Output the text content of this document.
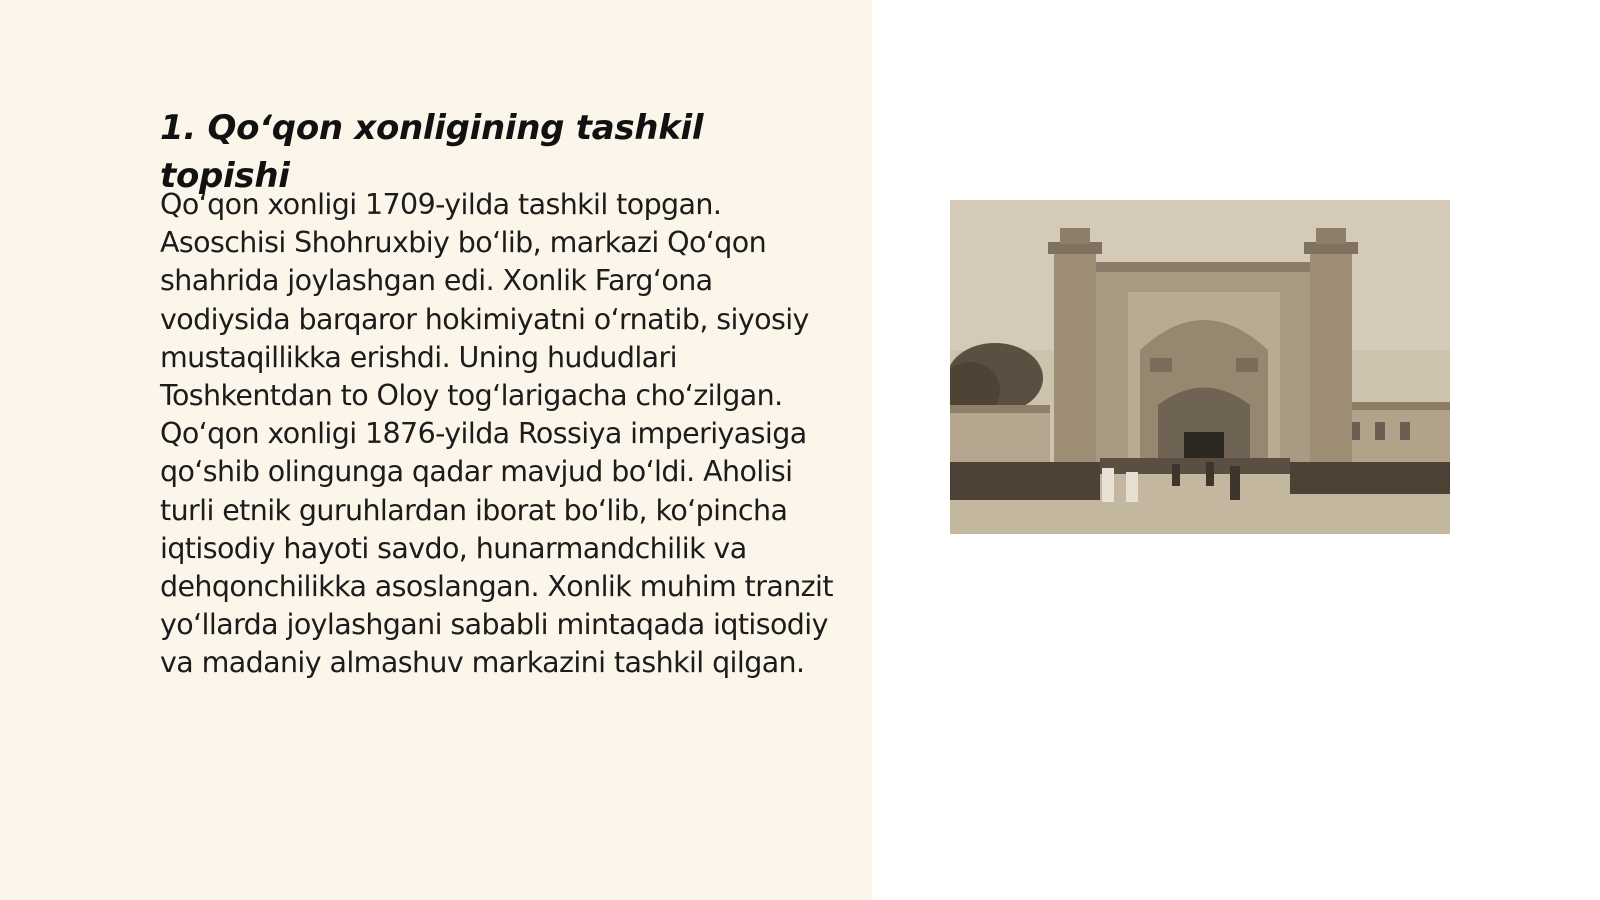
1. Qo‘qon xonligining tashkil topishi

Qo‘qon xonligi 1709-yilda tashkil topgan. Asoschisi Shohruxbiy bo‘lib, markazi Qo‘qon shahrida joylashgan edi. Xonlik Farg‘ona vodiysida barqaror hokimiyatni o‘rnatib, siyosiy mustaqillikka erishdi. Uning hududlari Toshkentdan to Oloy tog‘larigacha cho‘zilgan. Qo‘qon xonligi 1876-yilda Rossiya imperiyasiga qo‘shib olingunga qadar mavjud bo‘ldi. Aholisi turli etnik guruhlardan iborat bo‘lib, ko‘pincha iqtisodiy hayoti savdo, hunarmandchilik va dehqonchilikka asoslangan. Xonlik muhim tranzit yo‘llarda joylashgani sababli mintaqada iqtisodiy va madaniy almashuv markazini tashkil qilgan.
